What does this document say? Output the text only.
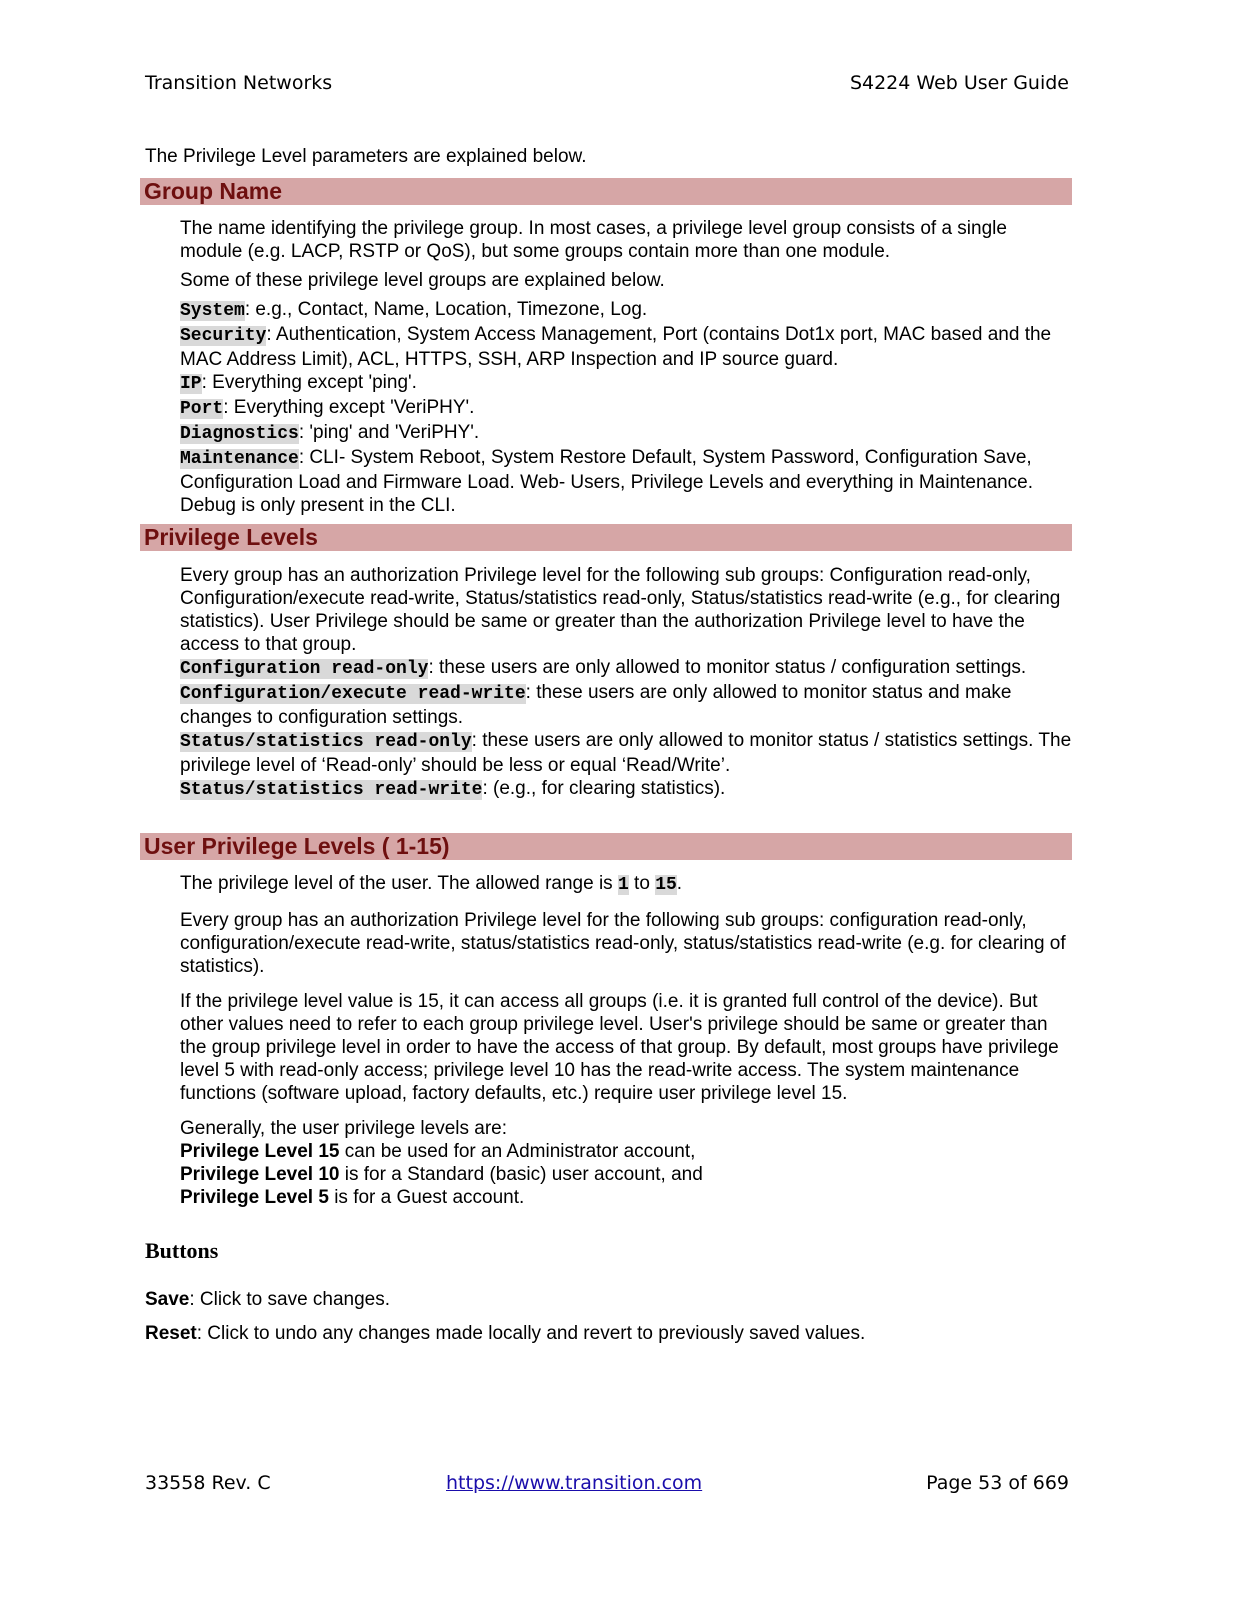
Transition Networks	S4224 Web User Guide
The Privilege Level parameters are explained below.
Group Name

The name identifying the privilege group. In most cases, a privilege level group consists of a single module (e.g. LACP, RSTP or QoS), but some groups contain more than one module.

Some of these privilege level groups are explained below.

System: e.g., Contact, Name, Location, Timezone, Log.
Security: Authentication, System Access Management, Port (contains Dot1x port, MAC based and the MAC Address Limit), ACL, HTTPS, SSH, ARP Inspection and IP source guard.
IP: Everything except 'ping'.
Port: Everything except 'VeriPHY'.
Diagnostics: 'ping' and 'VeriPHY'.
Maintenance: CLI- System Reboot, System Restore Default, System Password, Configuration Save, Configuration Load and Firmware Load. Web- Users, Privilege Levels and everything in Maintenance. Debug is only present in the CLI.
Privilege Levels
Every group has an authorization Privilege level for the following sub groups: Configuration read-only, Configuration/execute read-write, Status/statistics read-only, Status/statistics read-write (e.g., for clearing statistics). User Privilege should be same or greater than the authorization Privilege level to have the access to that group.
Configuration read-only: these users are only allowed to monitor status / configuration settings.
Configuration/execute read-write: these users are only allowed to monitor status and make changes to configuration settings.
Status/statistics read-only: these users are only allowed to monitor status / statistics settings. The privilege level of ‘Read-only’ should be less or equal ‘Read/Write’.
Status/statistics read-write: (e.g., for clearing statistics).
User Privilege Levels ( 1-15)

The privilege level of the user. The allowed range is 1 to 15.

Every group has an authorization Privilege level for the following sub groups: configuration read-only, configuration/execute read-write, status/statistics read-only, status/statistics read-write (e.g. for clearing of statistics).

If the privilege level value is 15, it can access all groups (i.e. it is granted full control of the device). But other values need to refer to each group privilege level. User's privilege should be same or greater than the group privilege level in order to have the access of that group. By default, most groups have privilege level 5 with read-only access; privilege level 10 has the read-write access. The system maintenance functions (software upload, factory defaults, etc.) require user privilege level 15.

Generally, the user privilege levels are:

Privilege Level 15 can be used for an Administrator account,
Privilege Level 10 is for a Standard (basic) user account, and
Privilege Level 5 is for a Guest account.
Buttons
Save: Click to save changes.
Reset: Click to undo any changes made locally and revert to previously saved values.
33558 Rev. C	https://www.transition.com	Page 53 of 669
